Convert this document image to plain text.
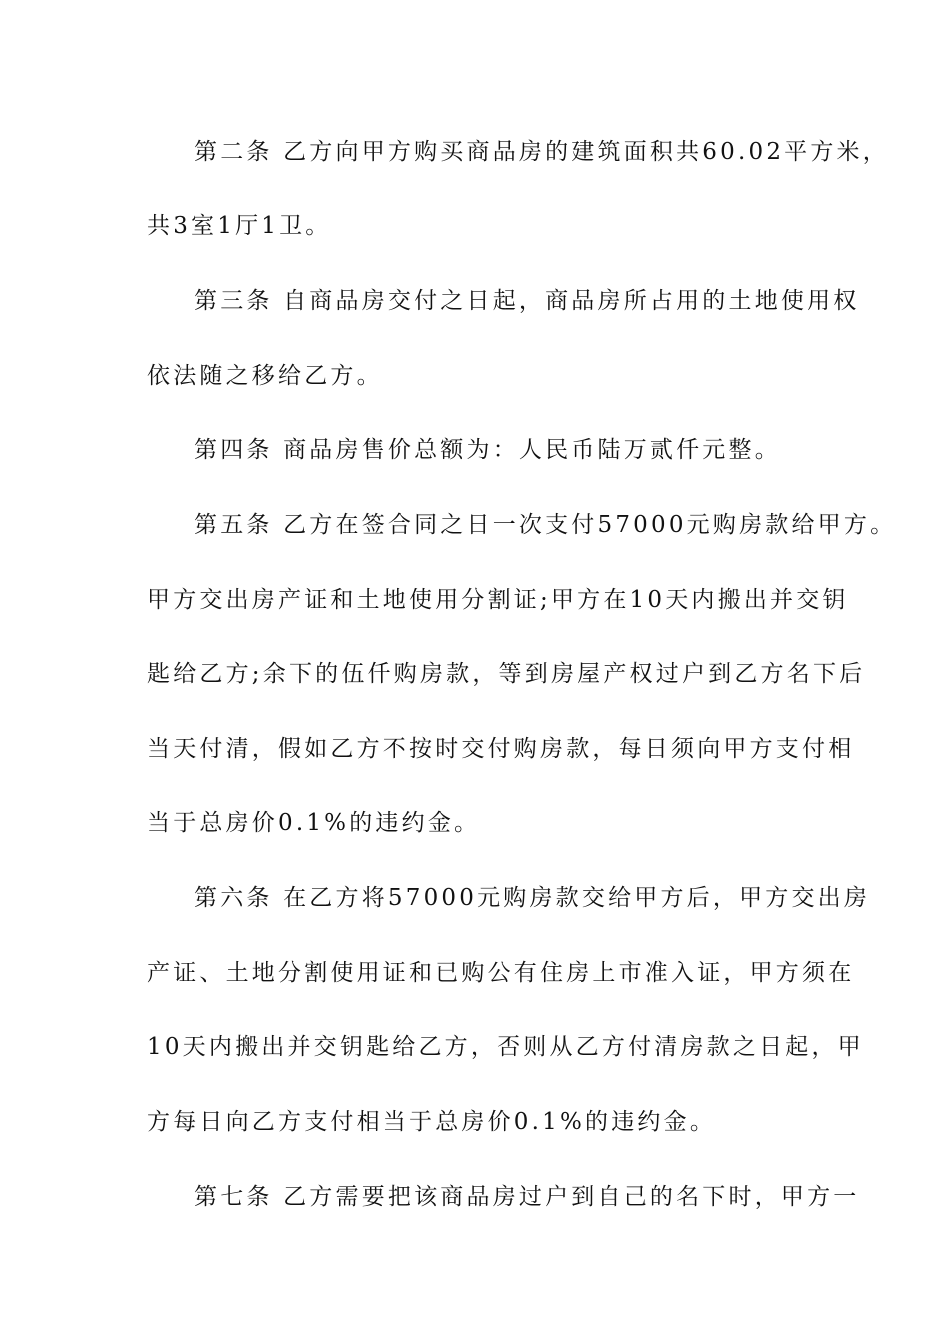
第二条 乙方向甲方购买商品房的建筑面积共60.02平方米，
共3室1厅1卫。
第三条 自商品房交付之日起，商品房所占用的土地使用权
依法随之移给乙方。
第四条 商品房售价总额为：人民币陆万贰仟元整。
第五条 乙方在签合同之日一次支付57000元购房款给甲方。
甲方交出房产证和土地使用分割证;甲方在10天内搬出并交钥
匙给乙方;余下的伍仟购房款，等到房屋产权过户到乙方名下后
当天付清，假如乙方不按时交付购房款，每日须向甲方支付相
当于总房价0.1%的违约金。
第六条 在乙方将57000元购房款交给甲方后，甲方交出房
产证、土地分割使用证和已购公有住房上市准入证，甲方须在
10天内搬出并交钥匙给乙方，否则从乙方付清房款之日起，甲
方每日向乙方支付相当于总房价0.1%的违约金。
第七条 乙方需要把该商品房过户到自己的名下时，甲方一
